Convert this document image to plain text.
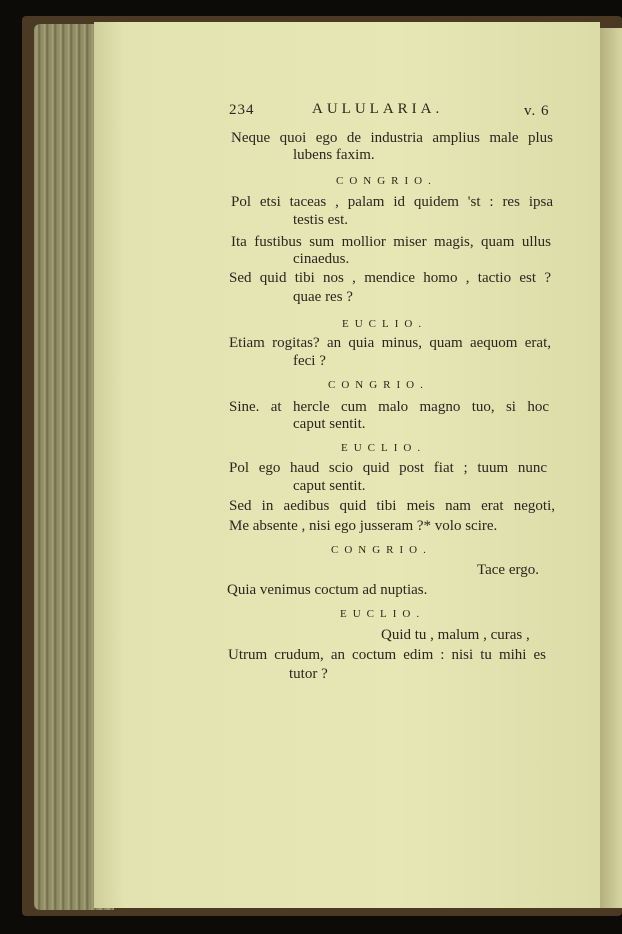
234	AULULARIA.	v. 6
Neque quoi ego de industria amplius male plus
lubens faxim.
CONGRIO.
Pol etsi taceas , palam id quidem 'st : res ipsa
testis est.
Ita fustibus sum mollior miser magis, quam ullus
cinaedus.
Sed quid tibi nos , mendice homo , tactio est ?
quae res ?
EUCLIO.
Etiam rogitas? an quia minus, quam aequom erat,
feci ?
CONGRIO.
Sine. at hercle cum malo magno tuo, si hoc
caput sentit.
EUCLIO.
Pol ego haud scio quid post fiat ; tuum nunc
caput sentit.
Sed in aedibus quid tibi meis nam erat negoti,
Me absente , nisi ego jusseram ?* volo scire.
CONGRIO.
Tace ergo.
Quia venimus coctum ad nuptias.
EUCLIO.
Quid tu , malum , curas ,
Utrum crudum, an coctum edim : nisi tu mihi es
tutor ?
